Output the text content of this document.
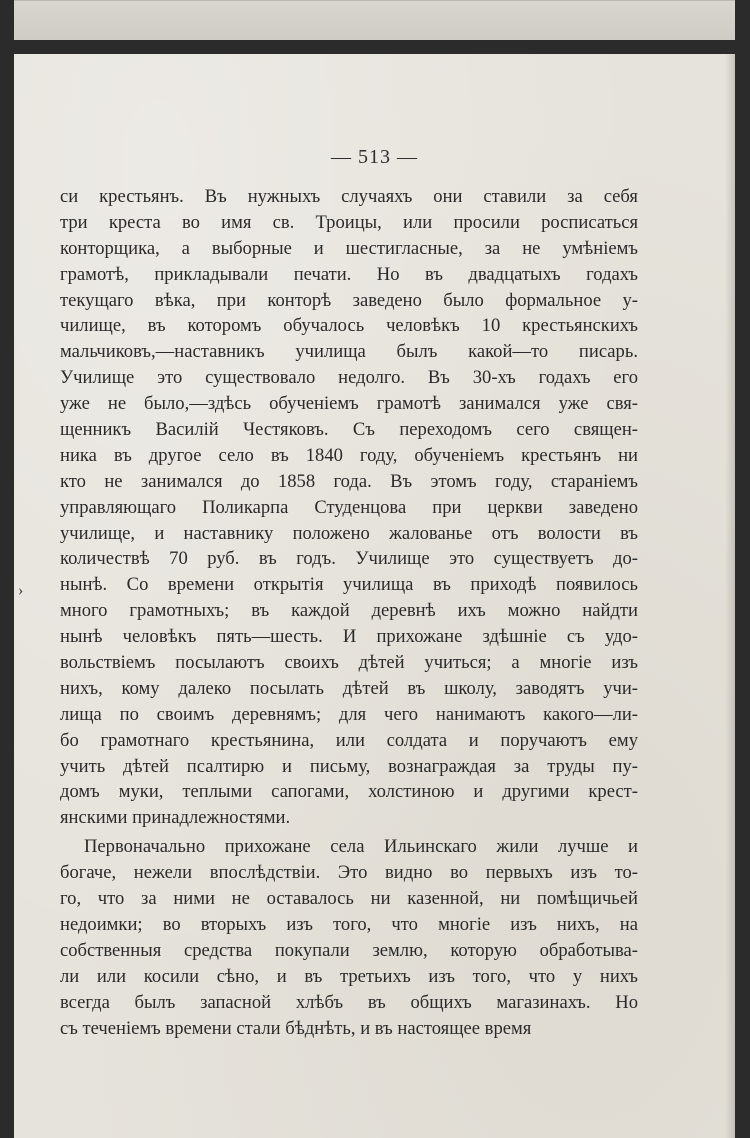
— 513 —
›
си крестьянъ. Въ нужныхъ случаяхъ они ставили за себя
три креста во имя св. Троицы, или просили росписаться
конторщика, а выборные и шестигласные, за не умѣніемъ
грамотѣ, прикладывали печати. Но въ двадцатыхъ годахъ
текущаго вѣка, при конторѣ заведено было формальное у-
чилище, въ которомъ обучалось человѣкъ 10 крестьянскихъ
мальчиковъ,—наставникъ училища былъ какой—то писарь.
Училище это существовало недолго. Въ 30-хъ годахъ его
уже не было,—здѣсь обученіемъ грамотѣ занимался уже свя-
щенникъ Василій Честяковъ. Съ переходомъ сего священ-
ника въ другое село въ 1840 году, обученіемъ крестьянъ ни
кто не занимался до 1858 года. Въ этомъ году, стараніемъ
управляющаго Поликарпа Студенцова при церкви заведено
училище, и наставнику положено жалованье отъ волости въ
количествѣ 70 руб. въ годъ. Училище это существуетъ до-
нынѣ. Со времени открытія училища въ приходѣ появилось
много грамотныхъ; въ каждой деревнѣ ихъ можно найдти
нынѣ человѣкъ пять—шесть. И прихожане здѣшніе съ удо-
вольствіемъ посылаютъ своихъ дѣтей учиться; а многіе изъ
нихъ, кому далеко посылать дѣтей въ школу, заводятъ учи-
лища по своимъ деревнямъ; для чего нанимаютъ какого—ли-
бо грамотнаго крестьянина, или солдата и поручаютъ ему
учить дѣтей псалтирю и письму, вознаграждая за труды пу-
домъ муки, теплыми сапогами, холстиною и другими крест-
янскими принадлежностями.
Первоначально прихожане села Ильинскаго жили лучше и
богаче, нежели впослѣдствіи. Это видно во первыхъ изъ то-
го, что за ними не оставалось ни казенной, ни помѣщичьей
недоимки; во вторыхъ изъ того, что многіе изъ нихъ, на
собственныя средства покупали землю, которую обработыва-
ли или косили сѣно, и въ третьихъ изъ того, что у нихъ
всегда былъ запасной хлѣбъ въ общихъ магазинахъ. Но
съ теченіемъ времени стали бѣднѣть, и въ настоящее время
